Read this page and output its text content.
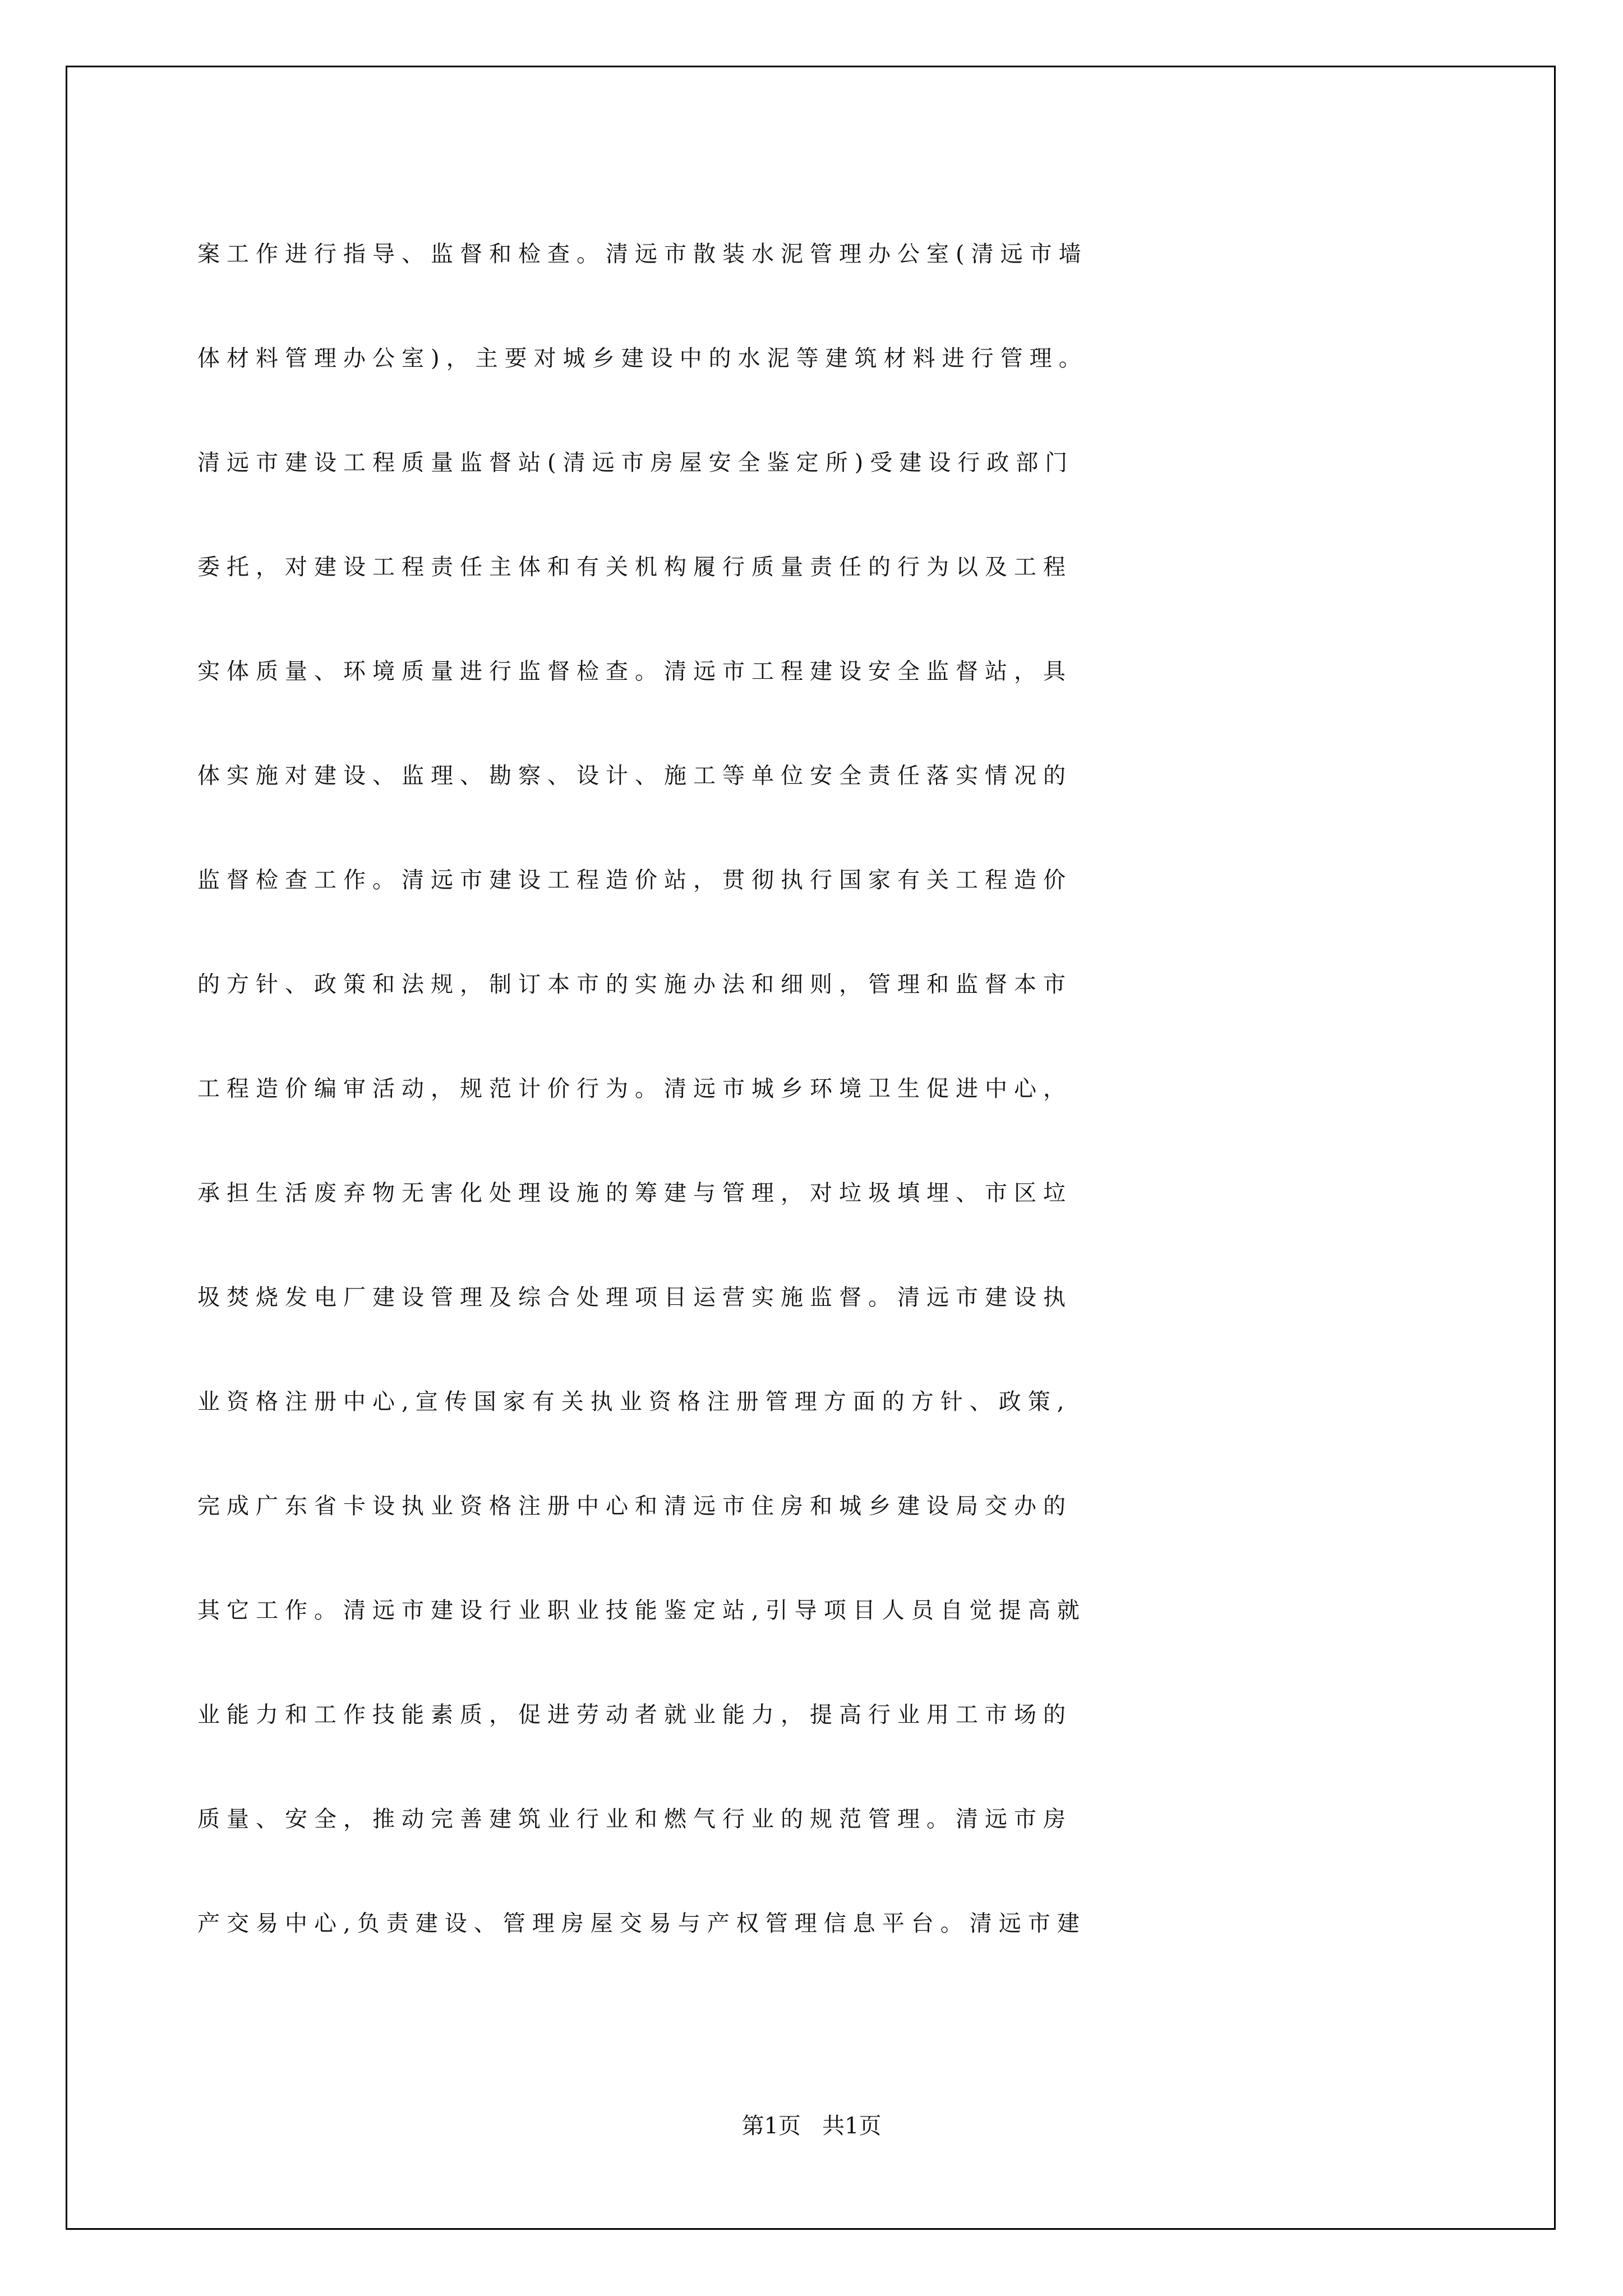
案工作进行指导、监督和检查。清远市散装水泥管理办公室(清远市墙
体材料管理办公室)，主要对城乡建设中的水泥等建筑材料进行管理。
清远市建设工程质量监督站(清远市房屋安全鉴定所)受建设行政部门
委托，对建设工程责任主体和有关机构履行质量责任的行为以及工程
实体质量、环境质量进行监督检查。清远市工程建设安全监督站，具
体实施对建设、监理、勘察、设计、施工等单位安全责任落实情况的
监督检查工作。清远市建设工程造价站，贯彻执行国家有关工程造价
的方针、政策和法规，制订本市的实施办法和细则，管理和监督本市
工程造价编审活动，规范计价行为。清远市城乡环境卫生促进中心，
承担生活废弃物无害化处理设施的筹建与管理，对垃圾填埋、市区垃
圾焚烧发电厂建设管理及综合处理项目运营实施监督。清远市建设执
业资格注册中心,宣传国家有关执业资格注册管理方面的方针、政策,
完成广东省卡设执业资格注册中心和清远市住房和城乡建设局交办的
其它工作。清远市建设行业职业技能鉴定站,引导项目人员自觉提高就
业能力和工作技能素质，促进劳动者就业能力，提高行业用工市场的
质量、安全，推动完善建筑业行业和燃气行业的规范管理。清远市房
产交易中心,负责建设、管理房屋交易与产权管理信息平台。清远市建
第1页   共1页
